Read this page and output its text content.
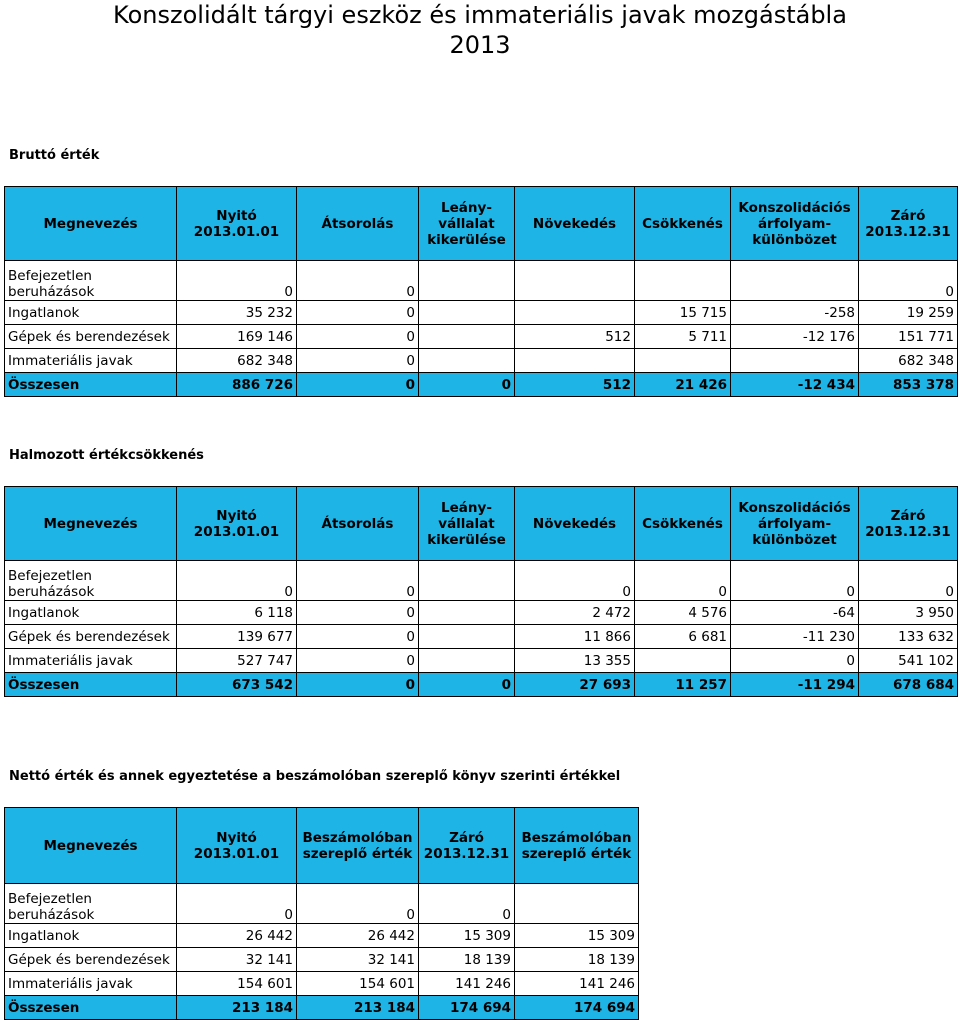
Konszolidált tárgyi eszköz és immateriális javak mozgástábla
2013
Bruttó érték
Megnevezés	Nyitó 2013.01.01	Átsorolás	Leány-vállalat kikerülése	Növekedés	Csökkenés	Konszolidációs árfolyam-különbözet	Záró 2013.12.31
Befejezetlen beruházások	0	0					0
Ingatlanok	35 232	0			15 715	-258	19 259
Gépek és berendezések	169 146	0		512	5 711	-12 176	151 771
Immateriális javak	682 348	0					682 348
Összesen	886 726	0	0	512	21 426	-12 434	853 378
Halmozott értékcsökkenés
Megnevezés	Nyitó 2013.01.01	Átsorolás	Leány-vállalat kikerülése	Növekedés	Csökkenés	Konszolidációs árfolyam-különbözet	Záró 2013.12.31
Befejezetlen beruházások	0	0		0	0	0	0
Ingatlanok	6 118	0		2 472	4 576	-64	3 950
Gépek és berendezések	139 677	0		11 866	6 681	-11 230	133 632
Immateriális javak	527 747	0		13 355		0	541 102
Összesen	673 542	0	0	27 693	11 257	-11 294	678 684
Nettó érték és annek egyeztetése a beszámolóban szereplő könyv szerinti értékkel
Megnevezés	Nyitó 2013.01.01	Beszámolóban szereplő érték	Záró 2013.12.31	Beszámolóban szereplő érték
Befejezetlen beruházások	0	0	0	
Ingatlanok	26 442	26 442	15 309	15 309
Gépek és berendezések	32 141	32 141	18 139	18 139
Immateriális javak	154 601	154 601	141 246	141 246
Összesen	213 184	213 184	174 694	174 694
